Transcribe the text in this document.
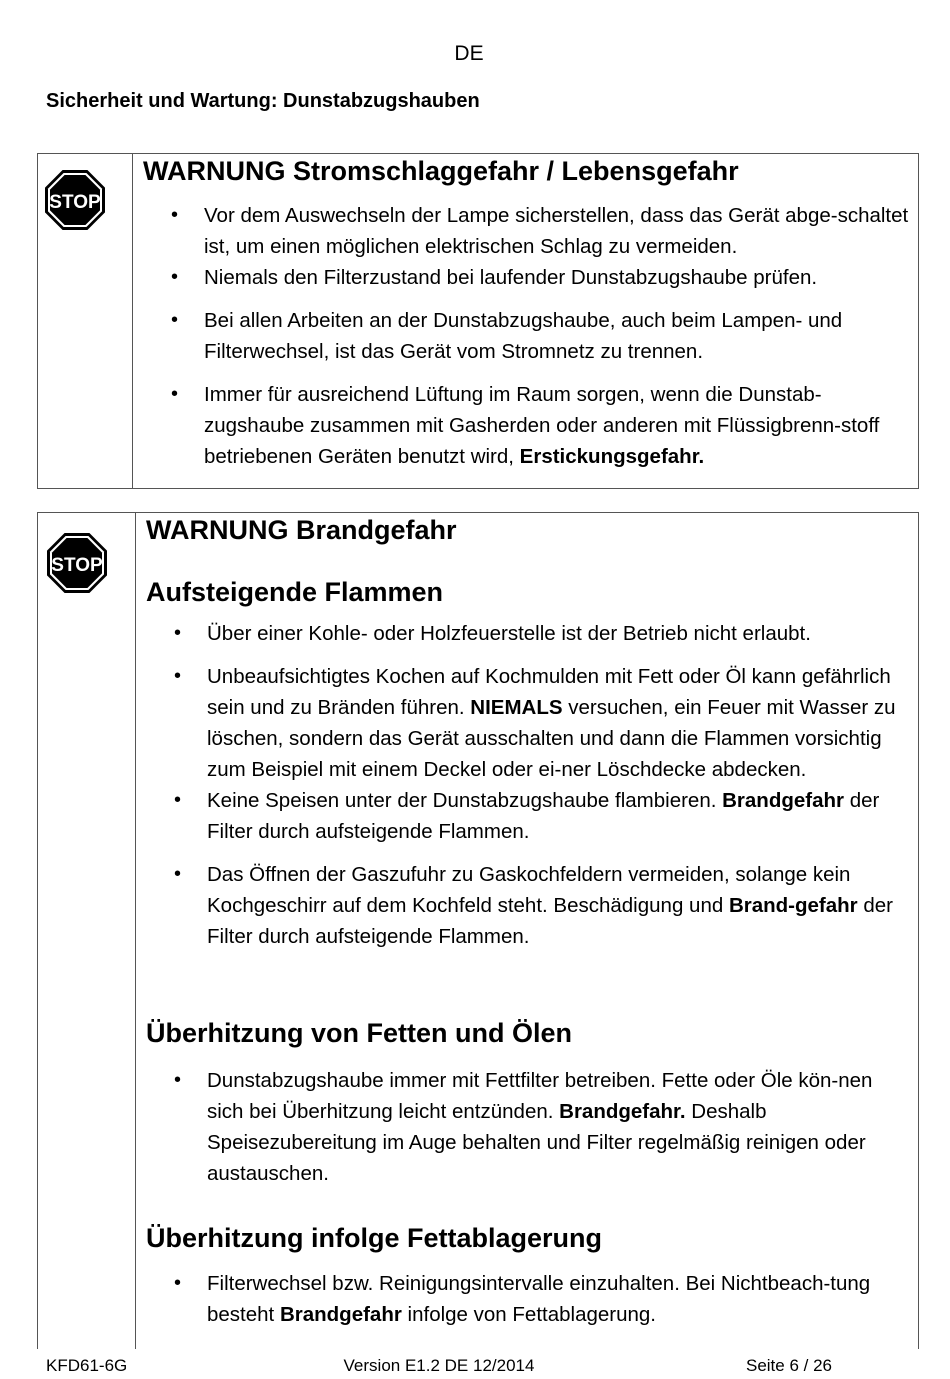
DE
Sicherheit und Wartung: Dunstabzugshauben
STOP
WARNUNG Stromschlaggefahr / Lebensgefahr
• Vor dem Auswechseln der Lampe sicherstellen, dass das Gerät abge-schaltet ist, um einen möglichen elektrischen Schlag zu vermeiden.
• Niemals den Filterzustand bei laufender Dunstabzugshaube prüfen.
• Bei allen Arbeiten an der Dunstabzugshaube, auch beim Lampen- und Filterwechsel, ist das Gerät vom Stromnetz zu trennen.
• Immer für ausreichend Lüftung im Raum sorgen, wenn die Dunstab-zugshaube zusammen mit Gasherden oder anderen mit Flüssigbrenn-stoff betriebenen Geräten benutzt wird, Erstickungsgefahr.
STOP
WARNUNG Brandgefahr
Aufsteigende Flammen
• Über einer Kohle- oder Holzfeuerstelle ist der Betrieb nicht erlaubt.
• Unbeaufsichtigtes Kochen auf Kochmulden mit Fett oder Öl kann gefährlich sein und zu Bränden führen. NIEMALS versuchen, ein Feuer mit Wasser zu löschen, sondern das Gerät ausschalten und dann die Flammen vorsichtig zum Beispiel mit einem Deckel oder ei-ner Löschdecke abdecken.
• Keine Speisen unter der Dunstabzugshaube flambieren. Brandgefahr der Filter durch aufsteigende Flammen.
• Das Öffnen der Gaszufuhr zu Gaskochfeldern vermeiden, solange kein Kochgeschirr auf dem Kochfeld steht. Beschädigung und Brand-gefahr der Filter durch aufsteigende Flammen.
Überhitzung von Fetten und Ölen
• Dunstabzugshaube immer mit Fettfilter betreiben. Fette oder Öle kön-nen sich bei Überhitzung leicht entzünden. Brandgefahr. Deshalb Speisezubereitung im Auge behalten und Filter regelmäßig reinigen oder austauschen.
Überhitzung infolge Fettablagerung
• Filterwechsel bzw. Reinigungsintervalle einzuhalten. Bei Nichtbeach-tung besteht Brandgefahr infolge von Fettablagerung.
KFD61-6G	Version E1.2 DE 12/2014	Seite 6 / 26
